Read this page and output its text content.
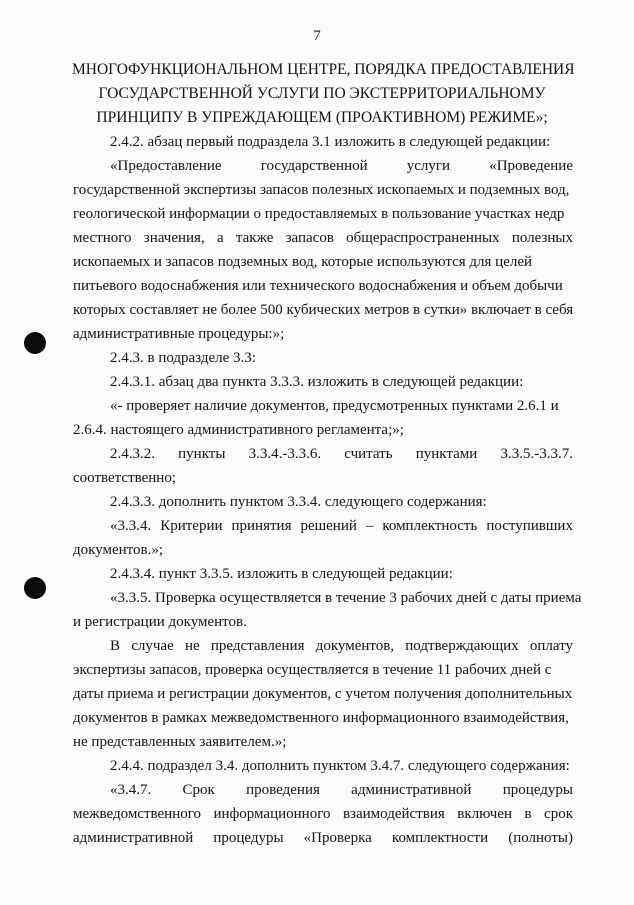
7
МНОГОФУНКЦИОНАЛЬНОМ ЦЕНТРЕ, ПОРЯДКА ПРЕДОСТАВЛЕНИЯ
ГОСУДАРСТВЕННОЙ УСЛУГИ ПО ЭКСТЕРРИТОРИАЛЬНОМУ
ПРИНЦИПУ В УПРЕЖДАЮЩЕМ (ПРОАКТИВНОМ) РЕЖИМЕ»;
2.4.2. абзац первый подраздела 3.1 изложить в следующей редакции:
«Предоставление	государственной	услуги	«Проведение
государственной экспертизы запасов полезных ископаемых и подземных вод,
геологической информации о предоставляемых в пользование участках недр
местного значения, а также запасов общераспространенных полезных
ископаемых и запасов подземных вод, которые используются для целей
питьевого водоснабжения или технического водоснабжения и объем добычи
которых составляет не более 500 кубических метров в сутки» включает в себя
административные процедуры:»;
2.4.3. в подразделе 3.3:
2.4.3.1. абзац два пункта 3.3.3. изложить в следующей редакции:
«- проверяет наличие документов, предусмотренных пунктами 2.6.1 и
2.6.4. настоящего административного регламента;»;
2.4.3.2. пункты 3.3.4.-3.3.6. считать пунктами 3.3.5.-3.3.7.
соответственно;
2.4.3.3. дополнить пунктом 3.3.4. следующего содержания:
«3.3.4. Критерии принятия решений – комплектность поступивших
документов.»;
2.4.3.4. пункт 3.3.5. изложить в следующей редакции:
«3.3.5. Проверка осуществляется в течение 3 рабочих дней с даты приема
и регистрации документов.
В случае не представления документов, подтверждающих оплату
экспертизы запасов, проверка осуществляется в течение 11 рабочих дней с
даты приема и регистрации документов, с учетом получения дополнительных
документов в рамках межведомственного информационного взаимодействия,
не представленных заявителем.»;
2.4.4. подраздел 3.4. дополнить пунктом 3.4.7. следующего содержания:
«3.4.7. Срок проведения административной процедуры
межведомственного информационного взаимодействия включен в срок
административной процедуры «Проверка комплектности (полноты)
